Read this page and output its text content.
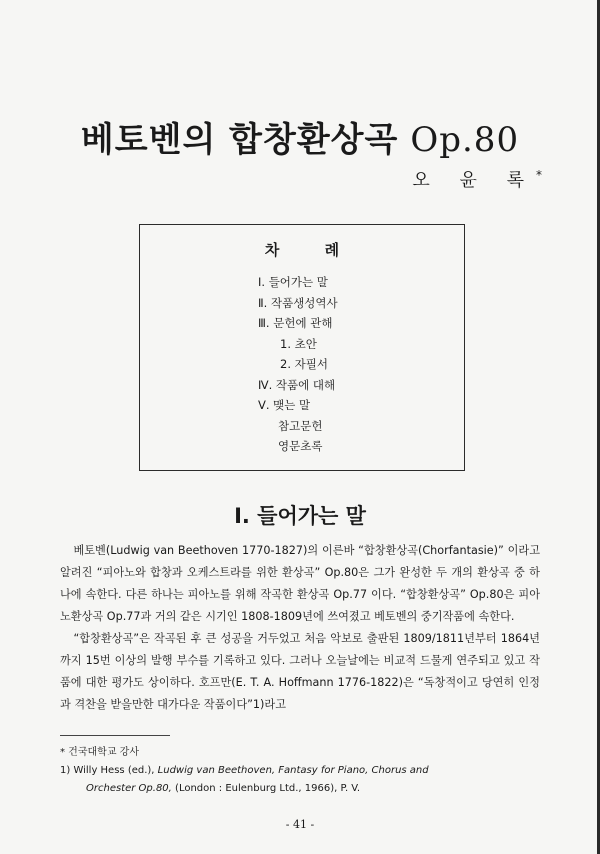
베토벤의 합창환상곡 Op.80
오 윤 록*
차 례
Ⅰ. 들어가는 말
Ⅱ. 작품생성역사
Ⅲ. 문헌에 관해
1. 초안
2. 자필서
Ⅳ. 작품에 대해
Ⅴ. 맺는 말
참고문헌
영문초록
Ⅰ. 들어가는 말

베토벤(Ludwig van Beethoven 1770-1827)의 이른바 “합창환상곡(Chorfantasie)” 이라고 알려진 “피아노와 합창과 오케스트라를 위한 환상곡” Op.80은 그가 완성한 두 개의 환상곡 중 하나에 속한다. 다른 하나는 피아노를 위해 작곡한 환상곡 Op.77 이다. “합창환상곡” Op.80은 피아노환상곡 Op.77과 거의 같은 시기인 1808-1809년에 쓰여졌고 베토벤의 중기작품에 속한다.

“합창환상곡”은 작곡된 후 큰 성공을 거두었고 처음 악보로 출판된 1809/1811년부터 1864년까지 15번 이상의 발행 부수를 기록하고 있다. 그러나 오늘날에는 비교적 드물게 연주되고 있고 작품에 대한 평가도 상이하다. 호프만(E. T. A. Hoffmann 1776-1822)은 “독창적이고 당연히 인정과 격찬을 받을만한 대가다운 작품이다”1)라고

* 건국대학교 강사
1) Willy Hess (ed.), Ludwig van Beethoven, Fantasy for Piano, Chorus and
Orchester Op.80, (London : Eulenburg Ltd., 1966), P. V.
- 41 -
